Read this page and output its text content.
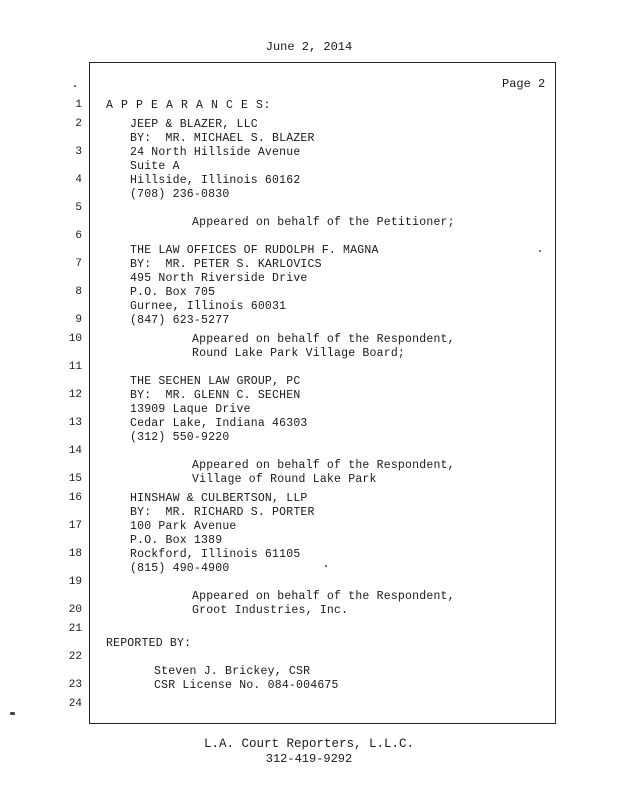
June 2, 2014
Page 2
1
2
3
4
5
6
7
8
9
10
11
12
13
14
15
16
17
18
19
20
21
22
23
24
A P P E A R A N C E S:
JEEP & BLAZER, LLC
BY:  MR. MICHAEL S. BLAZER
24 North Hillside Avenue
Suite A
Hillside, Illinois 60162
(708) 236-0830
Appeared on behalf of the Petitioner;
THE LAW OFFICES OF RUDOLPH F. MAGNA
BY:  MR. PETER S. KARLOVICS
495 North Riverside Drive
P.O. Box 705
Gurnee, Illinois 60031
(847) 623-5277
Appeared on behalf of the Respondent,
Round Lake Park Village Board;
THE SECHEN LAW GROUP, PC
BY:  MR. GLENN C. SECHEN
13909 Laque Drive
Cedar Lake, Indiana 46303
(312) 550-9220
Appeared on behalf of the Respondent,
Village of Round Lake Park
HINSHAW & CULBERTSON, LLP
BY:  MR. RICHARD S. PORTER
100 Park Avenue
P.O. Box 1389
Rockford, Illinois 61105
(815) 490-4900
Appeared on behalf of the Respondent,
Groot Industries, Inc.
REPORTED BY:
Steven J. Brickey, CSR
CSR License No. 084-004675
L.A. Court Reporters, L.L.C.
312-419-9292
